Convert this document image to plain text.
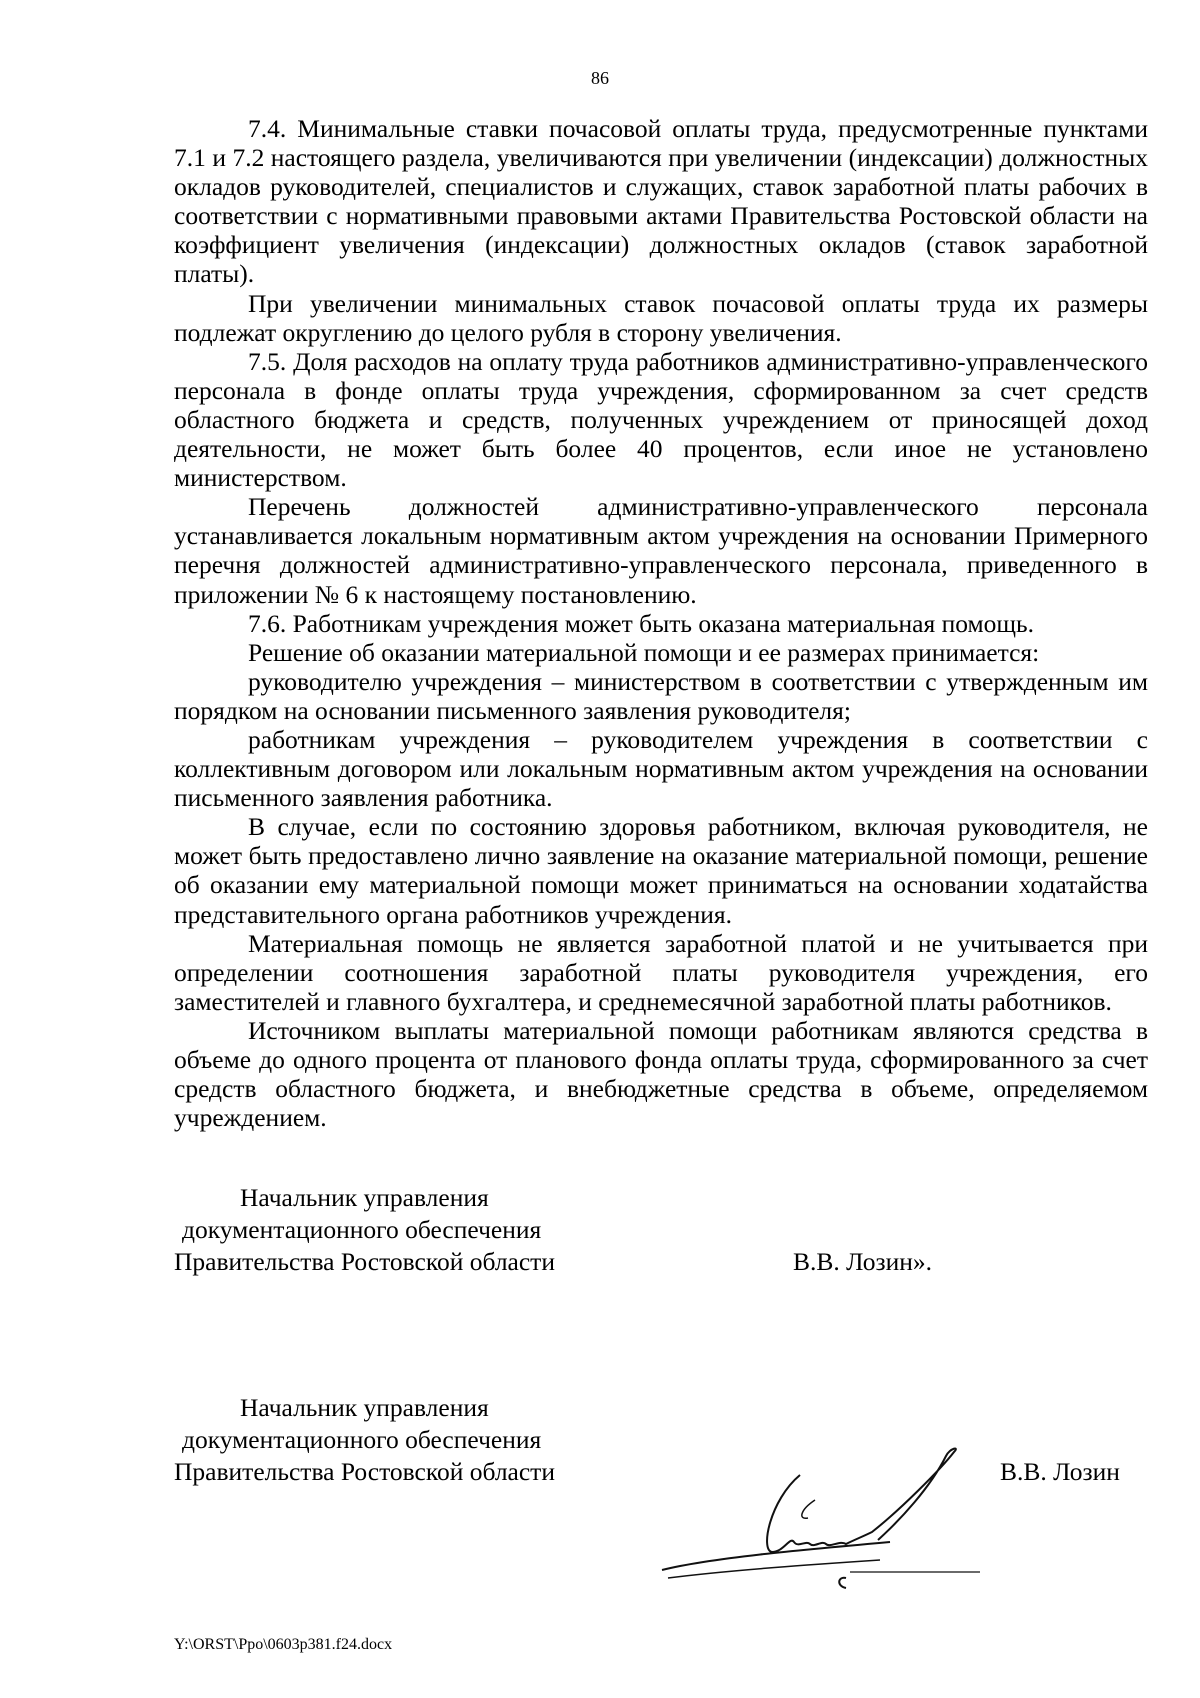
86

7.4. Минимальные ставки почасовой оплаты труда, предусмотренные пунктами 7.1 и 7.2 настоящего раздела, увеличиваются при увеличении (индексации) должностных окладов руководителей, специалистов и служащих, ставок заработной платы рабочих в соответствии с нормативными правовыми актами Правительства Ростовской области на коэффициент увеличения (индексации) должностных окладов (ставок заработной платы).

При увеличении минимальных ставок почасовой оплаты труда их размеры подлежат округлению до целого рубля в сторону увеличения.

7.5. Доля расходов на оплату труда работников административно-управленческого персонала в фонде оплаты труда учреждения, сформированном за счет средств областного бюджета и средств, полученных учреждением от приносящей доход деятельности, не может быть более 40 процентов, если иное не установлено министерством.

Перечень должностей административно-управленческого персонала устанавливается локальным нормативным актом учреждения на основании Примерного перечня должностей административно-управленческого персонала, приведенного в приложении № 6 к настоящему постановлению.

7.6. Работникам учреждения может быть оказана материальная помощь.

Решение об оказании материальной помощи и ее размерах принимается:

руководителю учреждения – министерством в соответствии с утвержденным им порядком на основании письменного заявления руководителя;

работникам учреждения – руководителем учреждения в соответствии с коллективным договором или локальным нормативным актом учреждения на основании письменного заявления работника.

В случае, если по состоянию здоровья работником, включая руководителя, не может быть предоставлено лично заявление на оказание материальной помощи, решение об оказании ему материальной помощи может приниматься на основании ходатайства представительного органа работников учреждения.

Материальная помощь не является заработной платой и не учитывается при определении соотношения заработной платы руководителя учреждения, его заместителей и главного бухгалтера, и среднемесячной заработной платы работников.

Источником выплаты материальной помощи работникам являются средства в объеме до одного процента от планового фонда оплаты труда, сформированного за счет средств областного бюджета, и внебюджетные средства в объеме, определяемом учреждением.

Начальник управления
документационного обеспечения
Правительства Ростовской области	В.В. Лозин».
Начальник управления
документационного обеспечения
Правительства Ростовской области	В.В. Лозин
Y:\ORST\Ppo\0603p381.f24.docx
